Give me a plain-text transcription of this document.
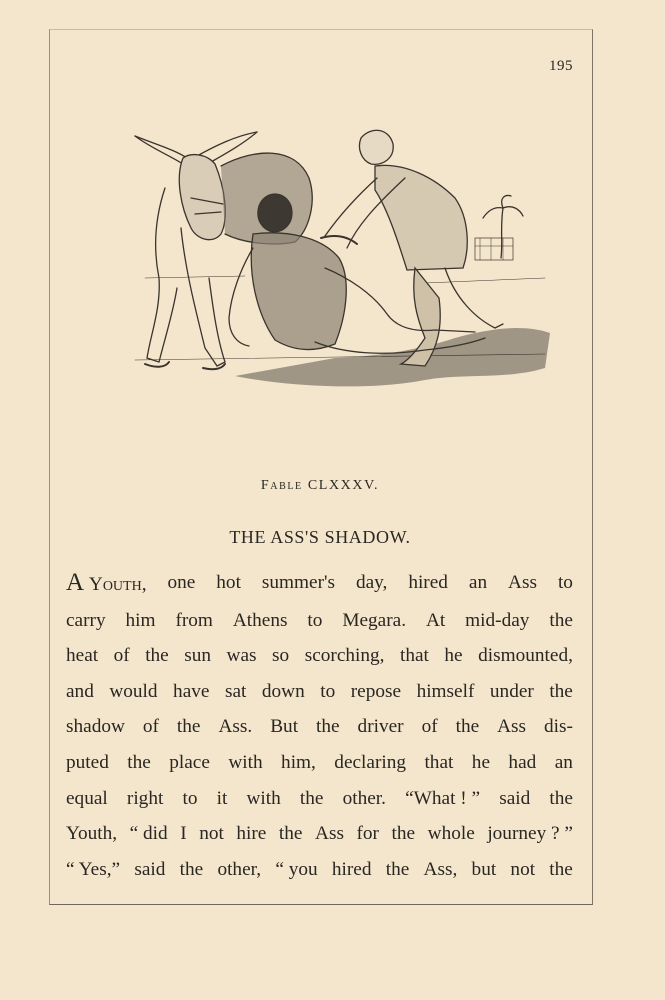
195
Fable CLXXXV.
THE ASS'S SHADOW.
A Youth, one hot summer's day, hired an Ass to
carry him from Athens to Megara. At mid-day the
heat of the sun was so scorching, that he dismounted,
and would have sat down to repose himself under the
shadow of the Ass. But the driver of the Ass dis-
puted the place with him, declaring that he had an
equal right to it with the other. “What ! ” said the
Youth, “ did I not hire the Ass for the whole journey ? ”
“ Yes,” said the other, “ you hired the Ass, but not the
